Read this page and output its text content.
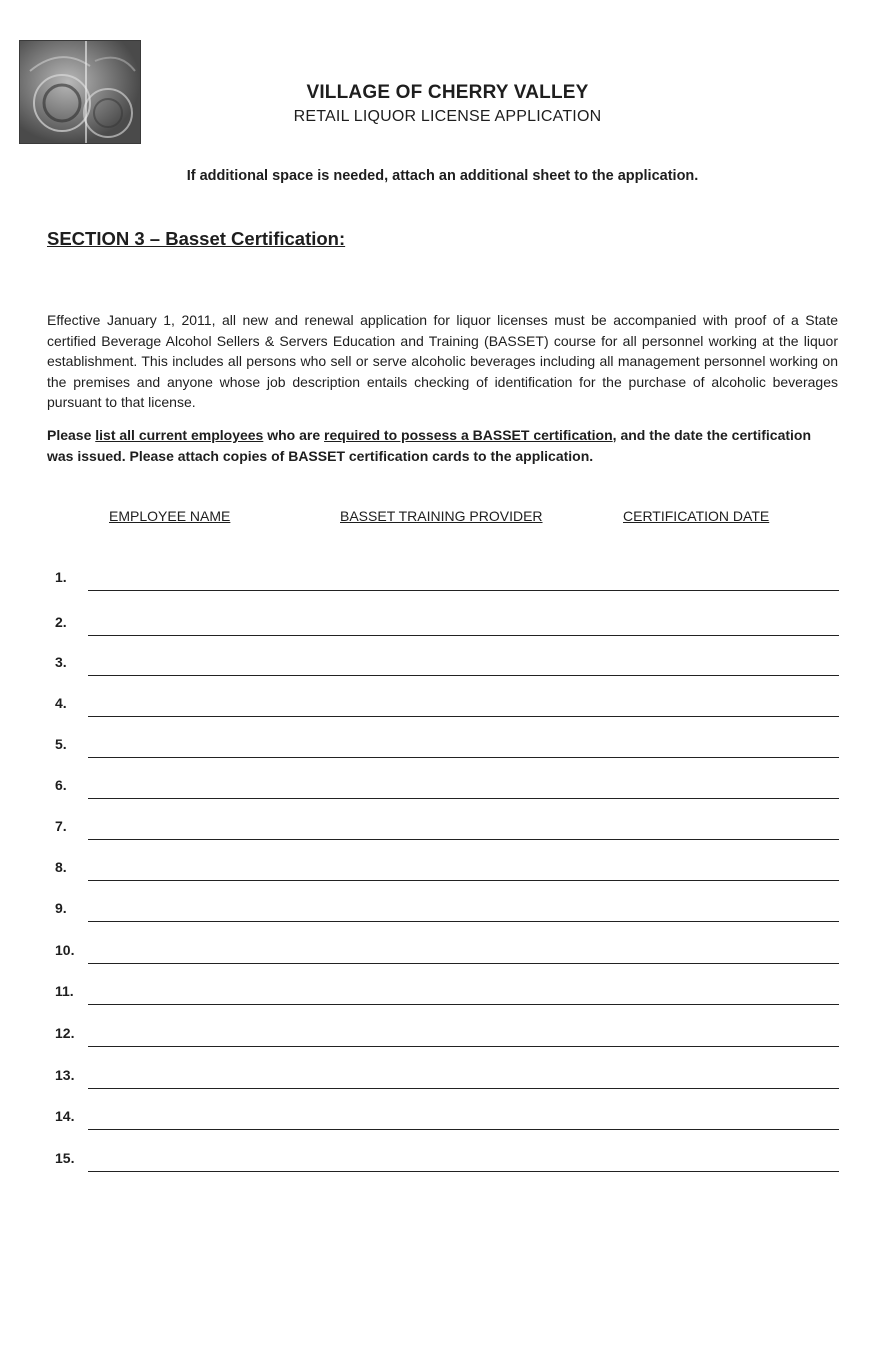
VILLAGE OF CHERRY VALLEY
RETAIL LIQUOR LICENSE APPLICATION
If additional space is needed, attach an additional sheet to the application.
SECTION 3 – Basset Certification:
Effective January 1, 2011, all new and renewal application for liquor licenses must be accompanied with proof of a State certified Beverage Alcohol Sellers & Servers Education and Training (BASSET) course for all personnel working at the liquor establishment. This includes all persons who sell or serve alcoholic beverages including all management personnel working on the premises and anyone whose job description entails checking of identification for the purchase of alcoholic beverages pursuant to that license.
Please list all current employees who are required to possess a BASSET certification, and the date the certification was issued. Please attach copies of BASSET certification cards to the application.
EMPLOYEE NAME	BASSET TRAINING PROVIDER	CERTIFICATION DATE
1.
2.
3.
4.
5.
6.
7.
8.
9.
10.
11.
12.
13.
14.
15.
